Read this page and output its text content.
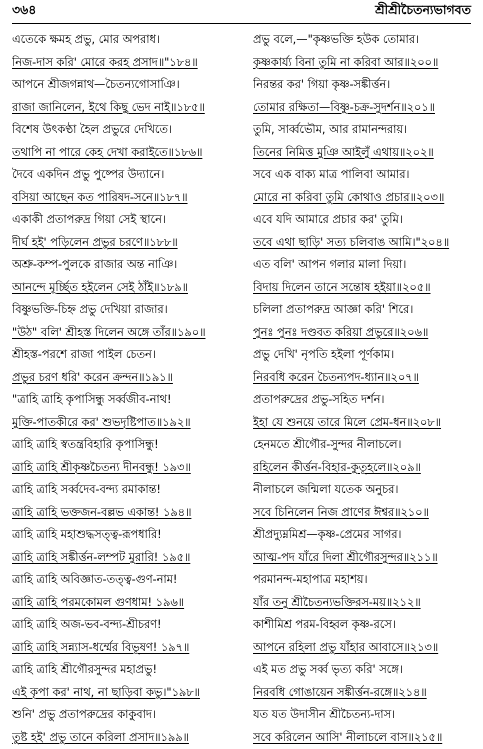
৩৬৪	শ্রীশ্রীচৈতন্যভাগবত
এতেকে ক্ষমহ প্রভু, মোর অপরাধ।
নিজ-দাস করি' মোরে করহ প্রসাদ॥"১৮৪॥
আপনে শ্রীজগন্নাথ—চৈতন্যগোসাঞি।
রাজা জানিলেন, ইথে কিছু ভেদ নাই॥১৮৫॥
বিশেষ উৎকণ্ঠা হৈল প্রভুরে দেখিতে।
তথাপি না পারে কেহ দেখা করাইতে॥১৮৬॥
দৈবে একদিন প্রভু পুষ্পের উদ্যানে।
বসিয়া আছেন কত পারিষদ-সনে॥১৮৭॥
একাকী প্রতাপরুদ্র গিয়া সেই স্থানে।
দীর্ঘ হই' পড়িলেন প্রভুর চরণে॥১৮৮॥
অশ্রু-কম্প-পুলকে রাজার অন্ত নাঞি।
আনন্দে মূর্চ্ছিত হইলেন সেই ঠাঁই॥১৮৯॥
বিষ্ণুভক্তি-চিহ্ন প্রভু দেখিয়া রাজার।
"উঠ" বলি' শ্রীহস্ত দিলেন অঙ্গে তাঁর॥১৯০॥
শ্রীহস্ত-পরশে রাজা পাইল চেতন।
প্রভুর চরণ ধরি' করেন ক্রন্দন॥১৯১॥
"ত্রাহি ত্রাহি কৃপাসিন্ধু সর্ব্বজীব-নাথ!
মুক্তি-পাতকীরে কর' শুভদৃষ্টিপাত॥১৯২॥
ত্রাহি ত্রাহি স্বতন্ত্রবিহারি কৃপাসিন্ধু!
ত্রাহি ত্রাহি শ্রীকৃষ্ণচৈতন্য দীনবন্ধু! ১৯৩॥
ত্রাহি ত্রাহি সর্ব্বদেব-বন্দ্য রমাকান্ত!
ত্রাহি ত্রাহি ভক্তজন-বল্লভ একান্ত! ১৯৪॥
ত্রাহি ত্রাহি মহাশুদ্ধসত্ত্ব-রূপধারি!
ত্রাহি ত্রাহি সঙ্কীর্ত্তন-লম্পট মুরারি! ১৯৫॥
ত্রাহি ত্রাহি অবিজ্ঞাত-তত্ত্ব-গুণ-নাম!
ত্রাহি ত্রাহি পরমকোমল গুণধাম! ১৯৬॥
ত্রাহি ত্রাহি অজ-ভব-বন্দ্য-শ্রীচরণ!
ত্রাহি ত্রাহি সন্ন্যাস-ধর্ম্মের বিভূষণ! ১৯৭॥
ত্রাহি ত্রাহি শ্রীগৌরসুন্দর মহাপ্রভু!
এই কৃপা কর' নাথ, না ছাড়িবা কভু।"১৯৮॥
শুনি' প্রভু প্রতাপরুদ্রের কাকুবাদ।
তুষ্ট হই' প্রভু তানে করিলা প্রসাদ॥১৯৯॥
প্রভু বলে,—"কৃষ্ণভক্তি হউক তোমার।
কৃষ্ণকার্য্য বিনা তুমি না করিবা আর॥২০০॥
নিরন্তর কর' গিয়া কৃষ্ণ-সঙ্কীর্ত্তন।
তোমার রক্ষিতা—বিষ্ণু-চক্র-সুদর্শন॥২০১॥
তুমি, সার্ব্বভৌম, আর রামানন্দরায়।
তিনের নিমিত্ত মুঞি আইলুঁ এথায়॥২০২॥
সবে এক বাক্য মাত্র পালিবা আমার।
মোরে না করিবা তুমি কোথাও প্রচার॥২০৩॥
এবে যদি আমারে প্রচার কর' তুমি।
তবে এথা ছাড়ি' সত্য চলিবাঙ আমি।"২০৪॥
এত বলি' আপন গলার মালা দিয়া।
বিদায় দিলেন তানে সন্তোষ হইয়া॥২০৫॥
চলিলা প্রতাপরুদ্র আজ্ঞা করি' শিরে।
পুনঃ পুনঃ দণ্ডবত করিয়া প্রভুরে॥২০৬॥
প্রভু দেখি' নৃপতি হইলা পূর্ণকাম।
নিরবধি করেন চৈতন্যপদ-ধ্যান॥২০৭॥
প্রতাপরুদ্রের প্রভু-সহিত দর্শন।
ইহা যে শুনয়ে তারে মিলে প্রেম-ধন॥২০৮॥
হেনমতে শ্রীগৌর-সুন্দর নীলাচলে।
রহিলেন কীর্ত্তন-বিহার-কুতূহলে॥২০৯॥
নীলাচলে জন্মিলা যতেক অনুচর।
সবে চিনিলেন নিজ প্রাণের ঈশ্বর॥২১০॥
শ্রীপ্রদ্যুম্নমিশ্র—কৃষ্ণ-প্রেমের সাগর।
আত্ম-পদ যাঁরে দিলা শ্রীগৌরসুন্দর॥২১১॥
পরমানন্দ-মহাপাত্র মহাশয়।
যাঁর তনু শ্রীচৈতন্যভক্তিরস-ময়॥২১২॥
কাশীমিশ্র পরম-বিহ্বল কৃষ্ণ-রসে।
আপনে রহিলা প্রভু যাঁহার আবাসে॥২১৩॥
এই মত প্রভু সর্ব্ব ভৃত্য করি' সঙ্গে।
নিরবধি গোঙায়েন সঙ্কীর্ত্তন-রঙ্গে॥২১৪॥
যত যত উদাসীন শ্রীচৈতন্য-দাস।
সবে করিলেন আসি' নীলাচলে বাস॥২১৫॥
